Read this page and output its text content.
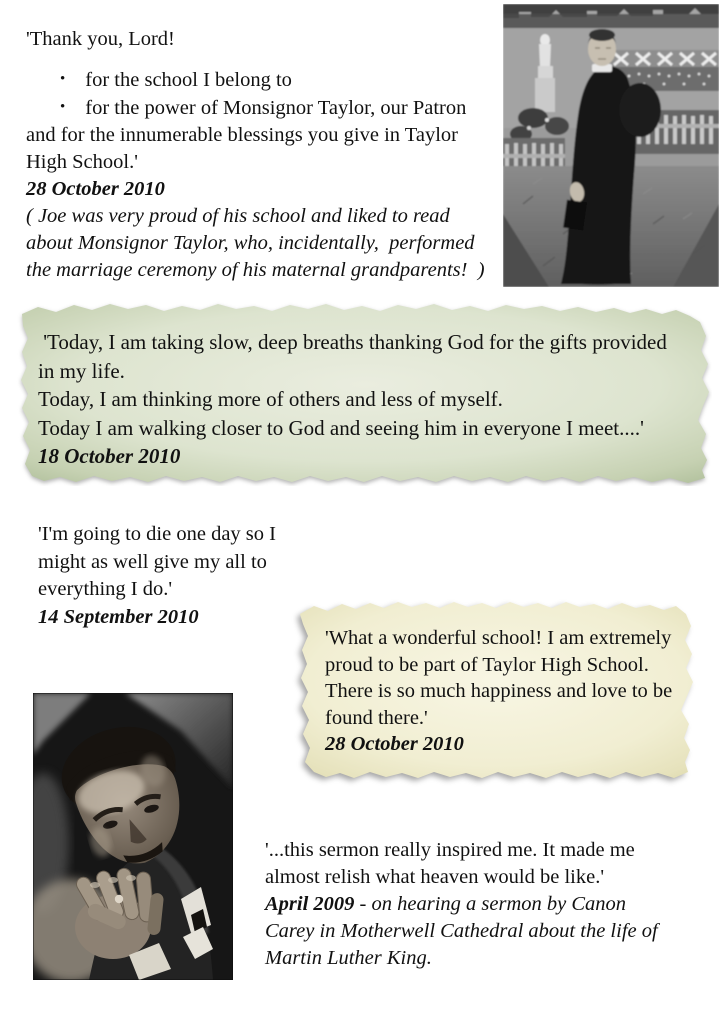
'Thank you, Lord!
• for the school I belong to
• for the power of Monsignor Taylor, our Patron
and for the innumerable blessings you give in Taylor
High School.'
28 October 2010
( Joe was very proud of his school and liked to read
about Monsignor Taylor, who, incidentally,  performed
the marriage ceremony of his maternal grandparents!  )
'Today, I am taking slow, deep breaths thanking God for the gifts provided
in my life.
Today, I am thinking more of others and less of myself.
Today I am walking closer to God and seeing him in everyone I meet....'
18 October 2010
'I'm going to die one day so I
might as well give my all to
everything I do.'
14 September 2010
'What a wonderful school! I am extremely
proud to be part of Taylor High School.
There is so much happiness and love to be
found there.'
28 October 2010
'...this sermon really inspired me. It made me
almost relish what heaven would be like.'
April 2009 - on hearing a sermon by Canon
Carey in Motherwell Cathedral about the life of
Martin Luther King.
